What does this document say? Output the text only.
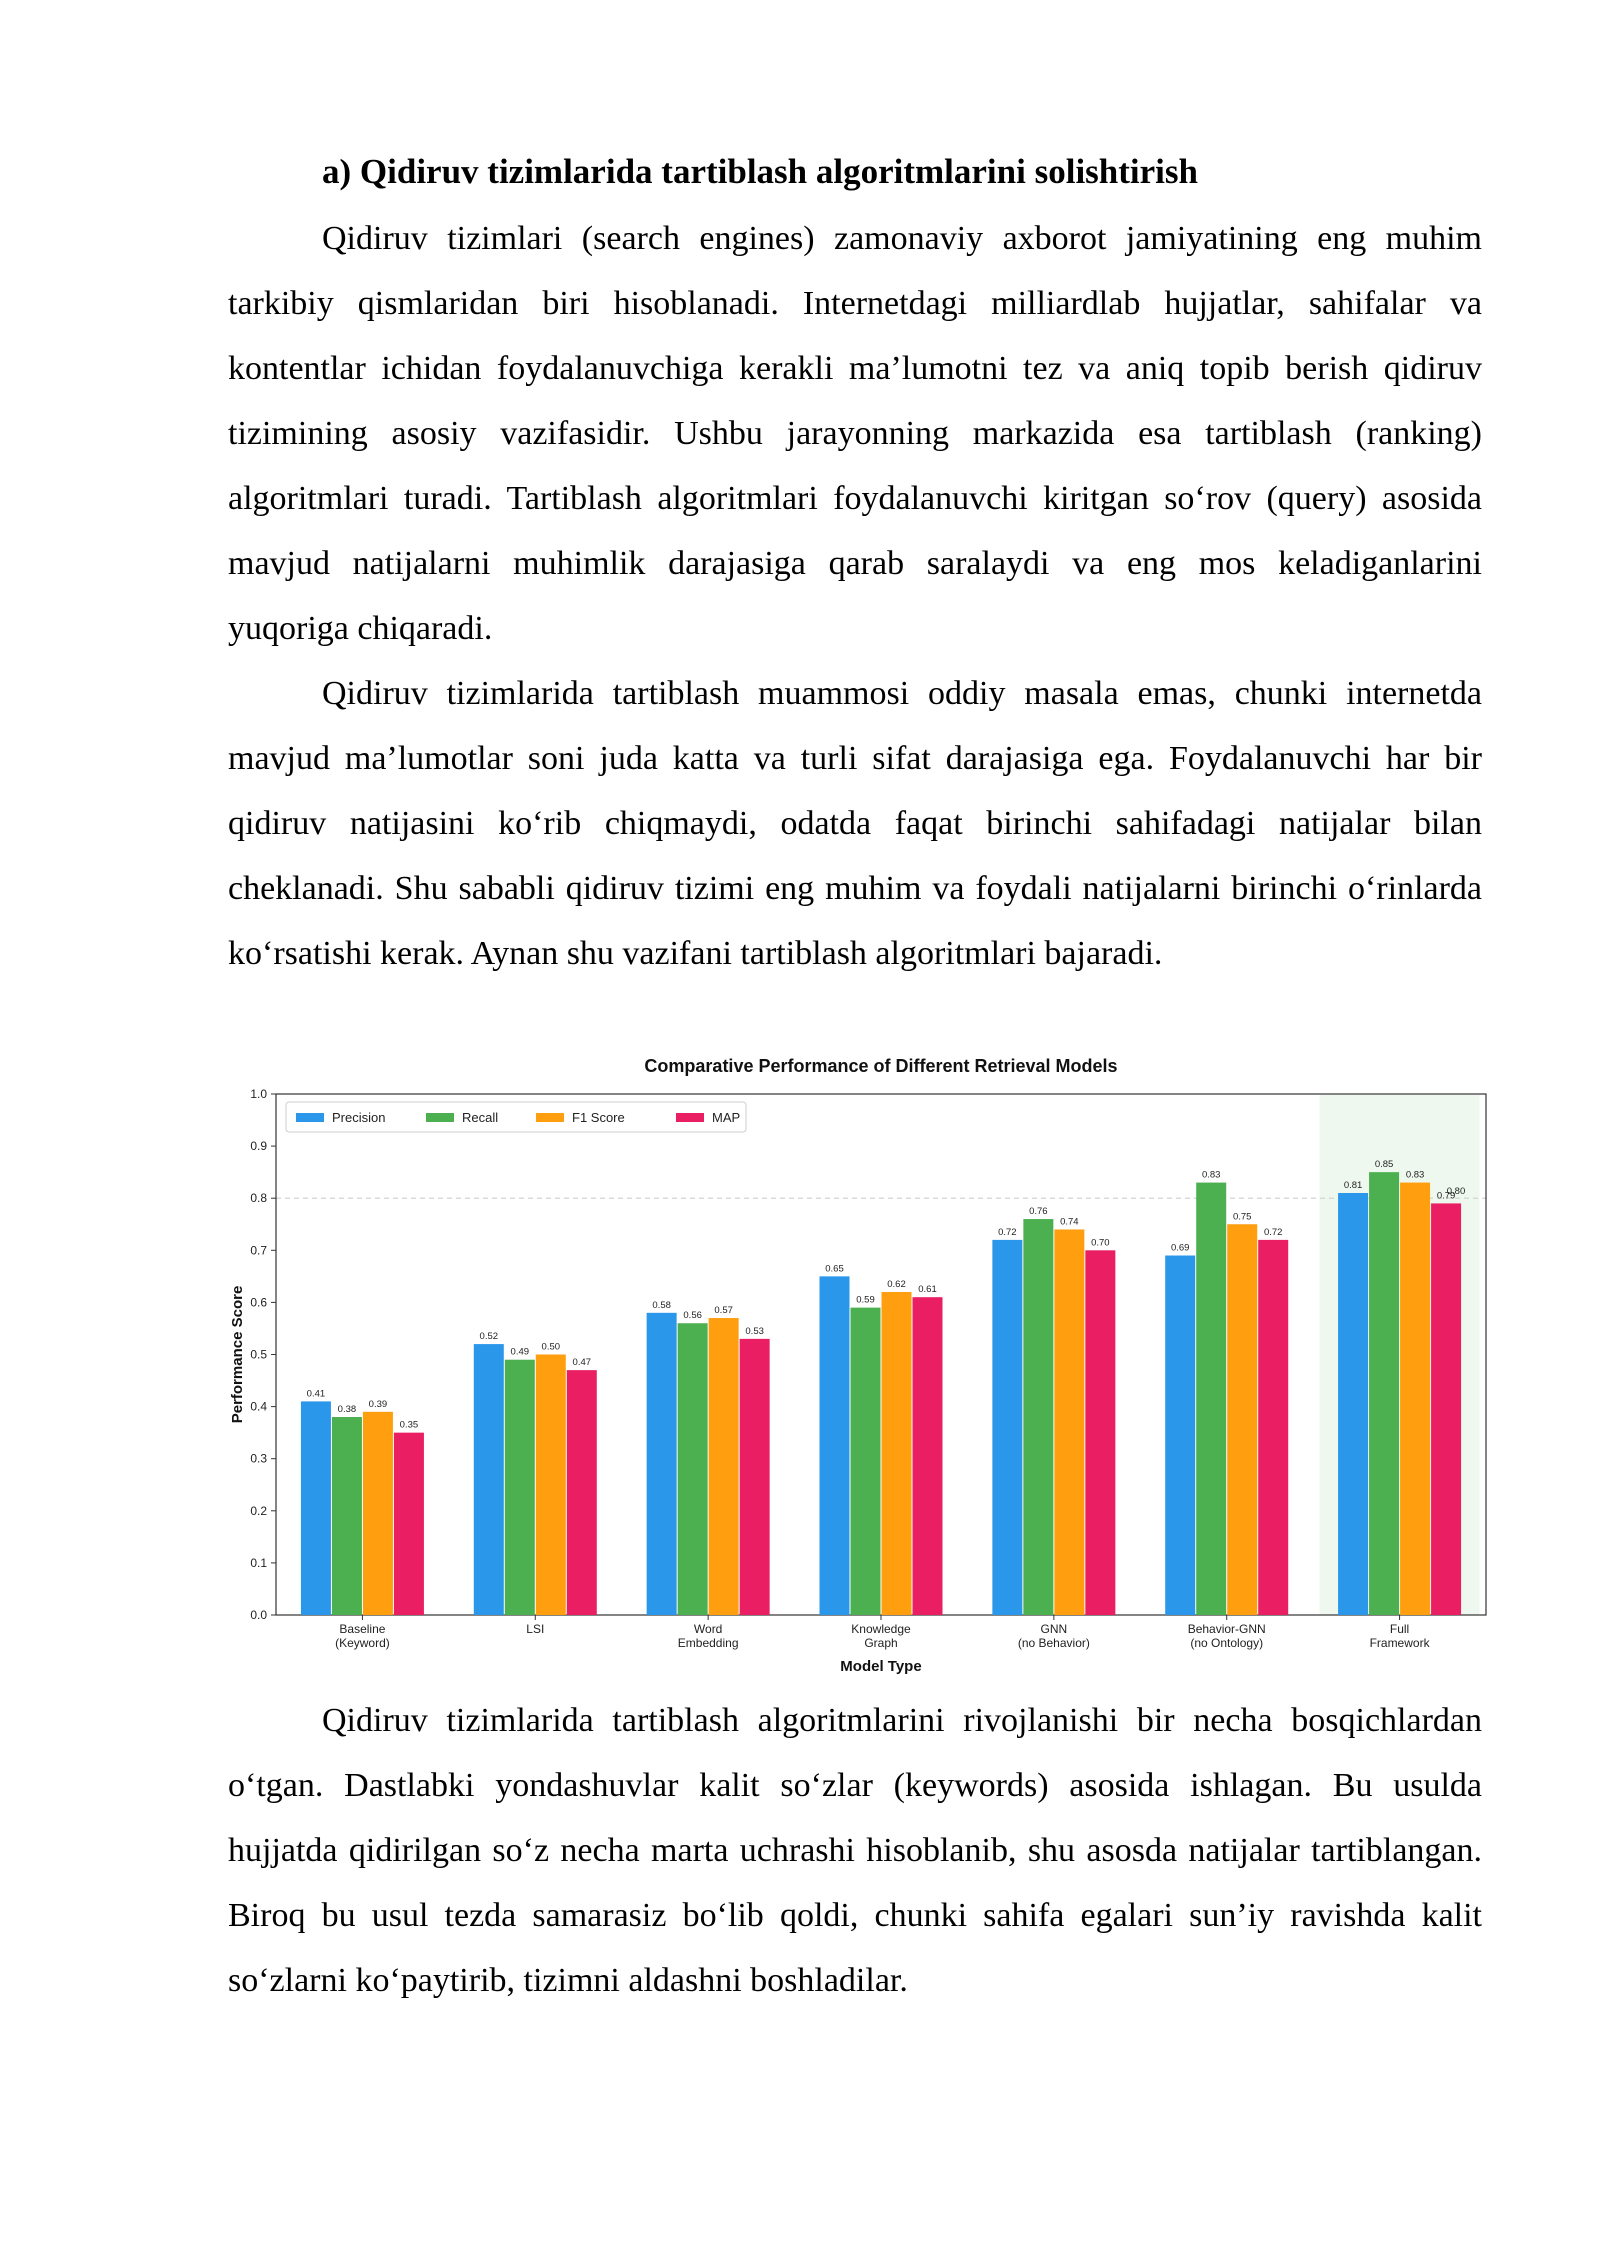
a) Qidiruv tizimlarida tartiblash algoritmlarini solishtirish

Qidiruv tizimlari (search engines) zamonaviy axborot jamiyatining eng muhim tarkibiy qismlaridan biri hisoblanadi. Internetdagi milliardlab hujjatlar, sahifalar va kontentlar ichidan foydalanuvchiga kerakli ma’lumotni tez va aniq topib berish qidiruv tizimining asosiy vazifasidir. Ushbu jarayonning markazida esa tartiblash (ranking) algoritmlari turadi. Tartiblash algoritmlari foydalanuvchi kiritgan so‘rov (query) asosida mavjud natijalarni muhimlik darajasiga qarab saralaydi va eng mos keladiganlarini yuqoriga chiqaradi.

Qidiruv tizimlarida tartiblash muammosi oddiy masala emas, chunki internetda mavjud ma’lumotlar soni juda katta va turli sifat darajasiga ega. Foydalanuvchi har bir qidiruv natijasini ko‘rib chiqmaydi, odatda faqat birinchi sahifadagi natijalar bilan cheklanadi. Shu sababli qidiruv tizimi eng muhim va foydali natijalarni birinchi o‘rinlarda ko‘rsatishi kerak. Aynan shu vazifani tartiblash algoritmlari bajaradi.

Comparative Performance of Different Retrieval Models
0.80
0.0
0.1
0.2
0.3
0.4
0.5
0.6
0.7
0.8
0.9
1.0
Performance Score	0.41
0.38 0.39
0.35
Baseline
(Keyword)
0.52
0.49 0.50
0.47
LSI
0.58
0.56 0.57
0.53
Word
Embedding
0.65
0.59
0.62 0.61
Knowledge
Graph
0.72
0.76
0.74
0.70
GNN
(no Behavior)
0.69
0.83
0.75
0.72
Behavior-GNN
(no Ontology)
0.81
0.85
0.83
0.79
Full
Framework
Model Type
Precision	Recall	F1 Score	MAP

Qidiruv tizimlarida tartiblash algoritmlarini rivojlanishi bir necha bosqichlardan o‘tgan. Dastlabki yondashuvlar kalit so‘zlar (keywords) asosida ishlagan. Bu usulda hujjatda qidirilgan so‘z necha marta uchrashi hisoblanib, shu asosda natijalar tartiblangan. Biroq bu usul tezda samarasiz bo‘lib qoldi, chunki sahifa egalari sun’iy ravishda kalit so‘zlarni ko‘paytirib, tizimni aldashni boshladilar.
